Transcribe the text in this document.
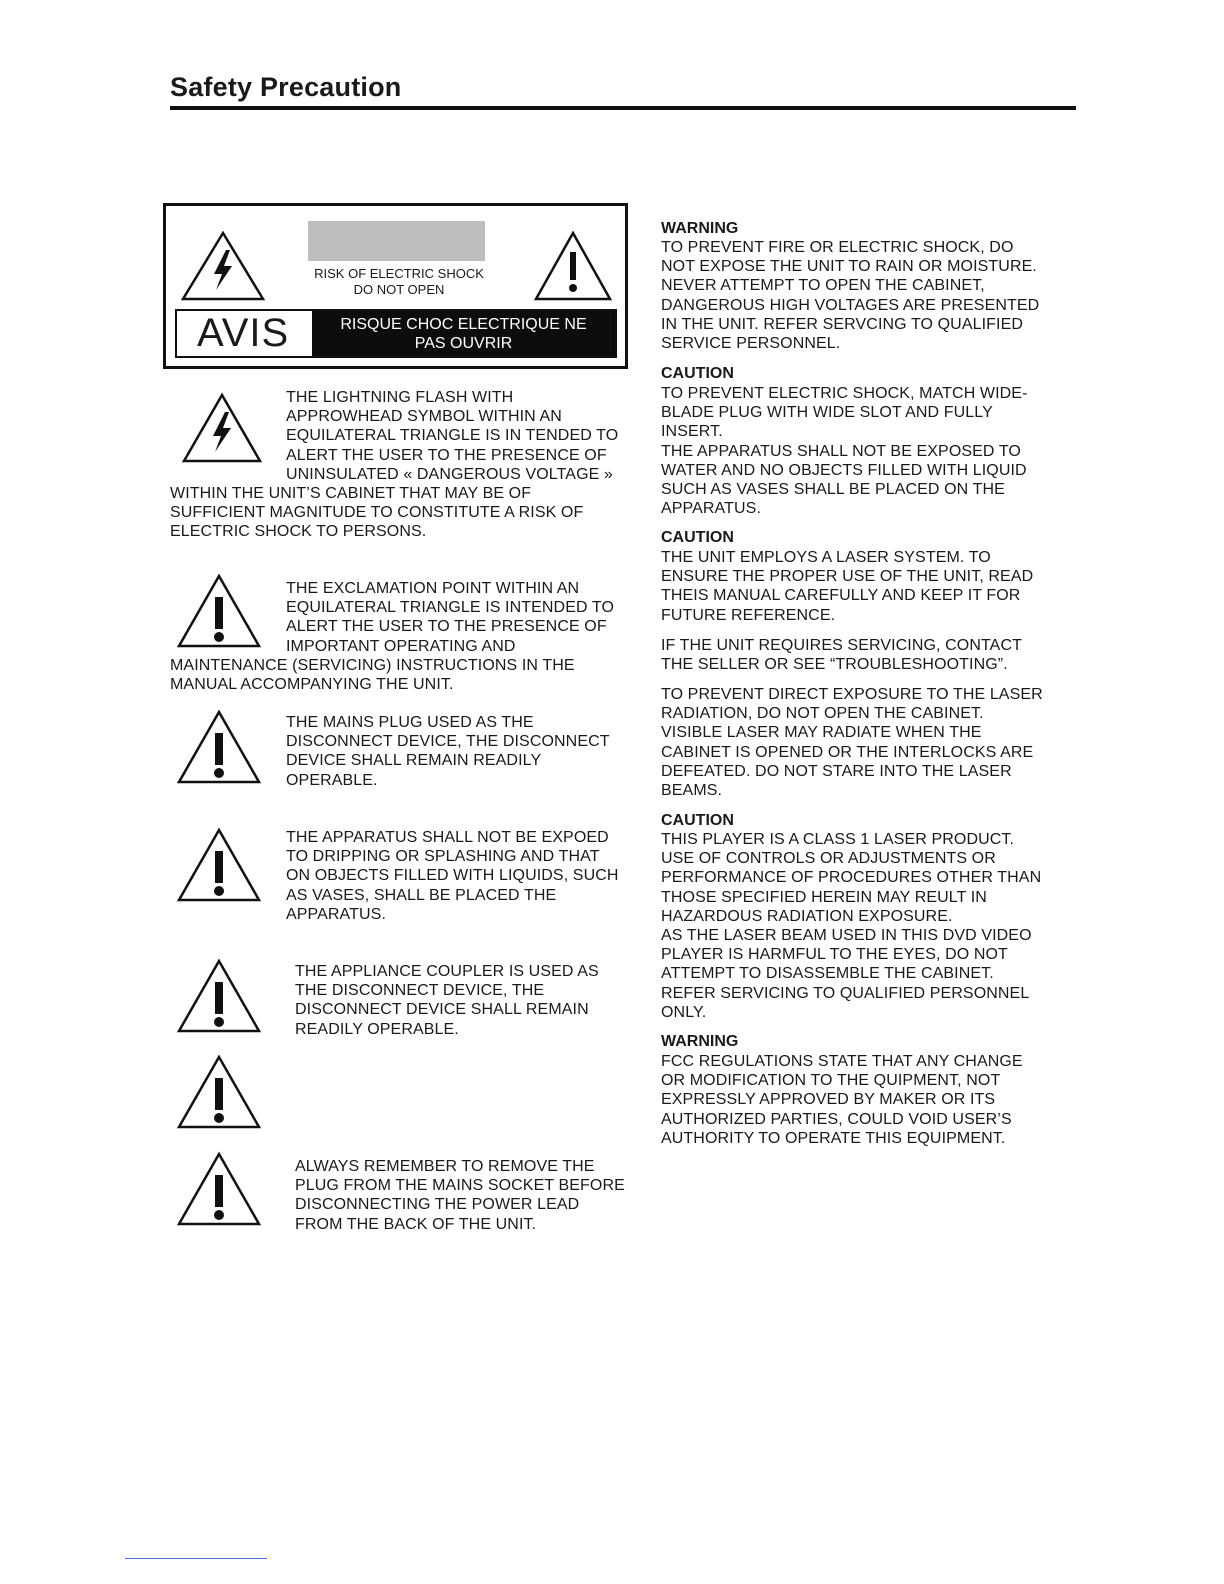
Safety Precaution
RISK OF ELECTRIC SHOCK
DO NOT OPEN
AVIS	RISQUE CHOC ELECTRIQUE NE
PAS OUVRIR
THE LIGHTNING FLASH WITH
APPROWHEAD SYMBOL WITHIN AN
EQUILATERAL TRIANGLE IS IN TENDED TO
ALERT THE USER TO THE PRESENCE OF
UNINSULATED « DANGEROUS VOLTAGE »
WITHIN THE UNIT’S CABINET THAT MAY BE OF
SUFFICIENT MAGNITUDE TO CONSTITUTE A RISK OF
ELECTRIC SHOCK TO PERSONS.
THE EXCLAMATION POINT WITHIN AN
EQUILATERAL TRIANGLE IS INTENDED TO
ALERT THE USER TO THE PRESENCE OF
IMPORTANT OPERATING AND
MAINTENANCE (SERVICING) INSTRUCTIONS IN THE
MANUAL ACCOMPANYING THE UNIT.
THE MAINS PLUG USED AS THE
DISCONNECT DEVICE, THE DISCONNECT
DEVICE SHALL REMAIN READILY
OPERABLE.
THE APPARATUS SHALL NOT BE EXPOED
TO DRIPPING OR SPLASHING AND THAT
ON OBJECTS FILLED WITH LIQUIDS, SUCH
AS VASES, SHALL BE PLACED THE
APPARATUS.
THE APPLIANCE COUPLER IS USED AS
THE DISCONNECT DEVICE, THE
DISCONNECT DEVICE SHALL REMAIN
READILY OPERABLE.
ALWAYS REMEMBER TO REMOVE THE
PLUG FROM THE MAINS SOCKET BEFORE
DISCONNECTING THE POWER LEAD
FROM THE BACK OF THE UNIT.
WARNING
TO PREVENT FIRE OR ELECTRIC SHOCK, DO
NOT EXPOSE THE UNIT TO RAIN OR MOISTURE.
NEVER ATTEMPT TO OPEN THE CABINET,
DANGEROUS HIGH VOLTAGES ARE PRESENTED
IN THE UNIT. REFER SERVCING TO QUALIFIED
SERVICE PERSONNEL.
CAUTION
TO PREVENT ELECTRIC SHOCK, MATCH WIDE-
BLADE PLUG WITH WIDE SLOT AND FULLY
INSERT.
THE APPARATUS SHALL NOT BE EXPOSED TO
WATER AND NO OBJECTS FILLED WITH LIQUID
SUCH AS VASES SHALL BE PLACED ON THE
APPARATUS.
CAUTION
THE UNIT EMPLOYS A LASER SYSTEM. TO
ENSURE THE PROPER USE OF THE UNIT, READ
THEIS MANUAL CAREFULLY AND KEEP IT FOR
FUTURE REFERENCE.
IF THE UNIT REQUIRES SERVICING, CONTACT
THE SELLER OR SEE “TROUBLESHOOTING”.
TO PREVENT DIRECT EXPOSURE TO THE LASER
RADIATION, DO NOT OPEN THE CABINET.
VISIBLE LASER MAY RADIATE WHEN THE
CABINET IS OPENED OR THE INTERLOCKS ARE
DEFEATED. DO NOT STARE INTO THE LASER
BEAMS.
CAUTION
THIS PLAYER IS A CLASS 1 LASER PRODUCT.
USE OF CONTROLS OR ADJUSTMENTS OR
PERFORMANCE OF PROCEDURES OTHER THAN
THOSE SPECIFIED HEREIN MAY REULT IN
HAZARDOUS RADIATION EXPOSURE.
AS THE LASER BEAM USED IN THIS DVD VIDEO
PLAYER IS HARMFUL TO THE EYES, DO NOT
ATTEMPT TO DISASSEMBLE THE CABINET.
REFER SERVICING TO QUALIFIED PERSONNEL
ONLY.
WARNING
FCC REGULATIONS STATE THAT ANY CHANGE
OR MODIFICATION TO THE QUIPMENT, NOT
EXPRESSLY APPROVED BY MAKER OR ITS
AUTHORIZED PARTIES, COULD VOID USER’S
AUTHORITY TO OPERATE THIS EQUIPMENT.
